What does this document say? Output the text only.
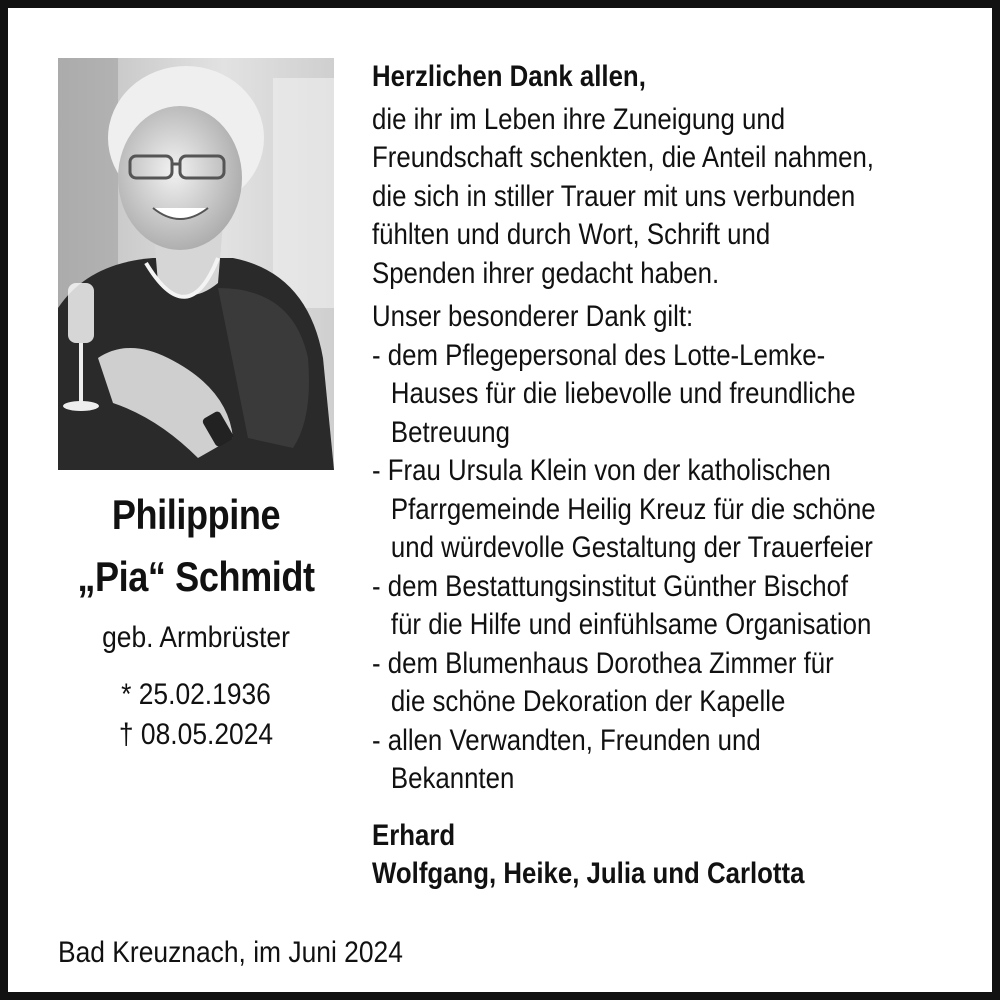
Philippine
„Pia“ Schmidt
geb. Armbrüster
* 25.02.1936
† 08.05.2024
Herzlichen Dank allen,
die ihr im Leben ihre Zuneigung und
Freundschaft schenkten, die Anteil nahmen,
die sich in stiller Trauer mit uns verbunden
fühlten und durch Wort, Schrift und
Spenden ihrer gedacht haben.
Unser besonderer Dank gilt:
- dem Pflegepersonal des Lotte-Lemke-
Hauses für die liebevolle und freundliche
Betreuung
- Frau Ursula Klein von der katholischen
Pfarrgemeinde Heilig Kreuz für die schöne
und würdevolle Gestaltung der Trauerfeier
- dem Bestattungsinstitut Günther Bischof
für die Hilfe und einfühlsame Organisation
- dem Blumenhaus Dorothea Zimmer für
die schöne Dekoration der Kapelle
- allen Verwandten, Freunden und
Bekannten
Erhard
Wolfgang, Heike, Julia und Carlotta
Bad Kreuznach, im Juni 2024
